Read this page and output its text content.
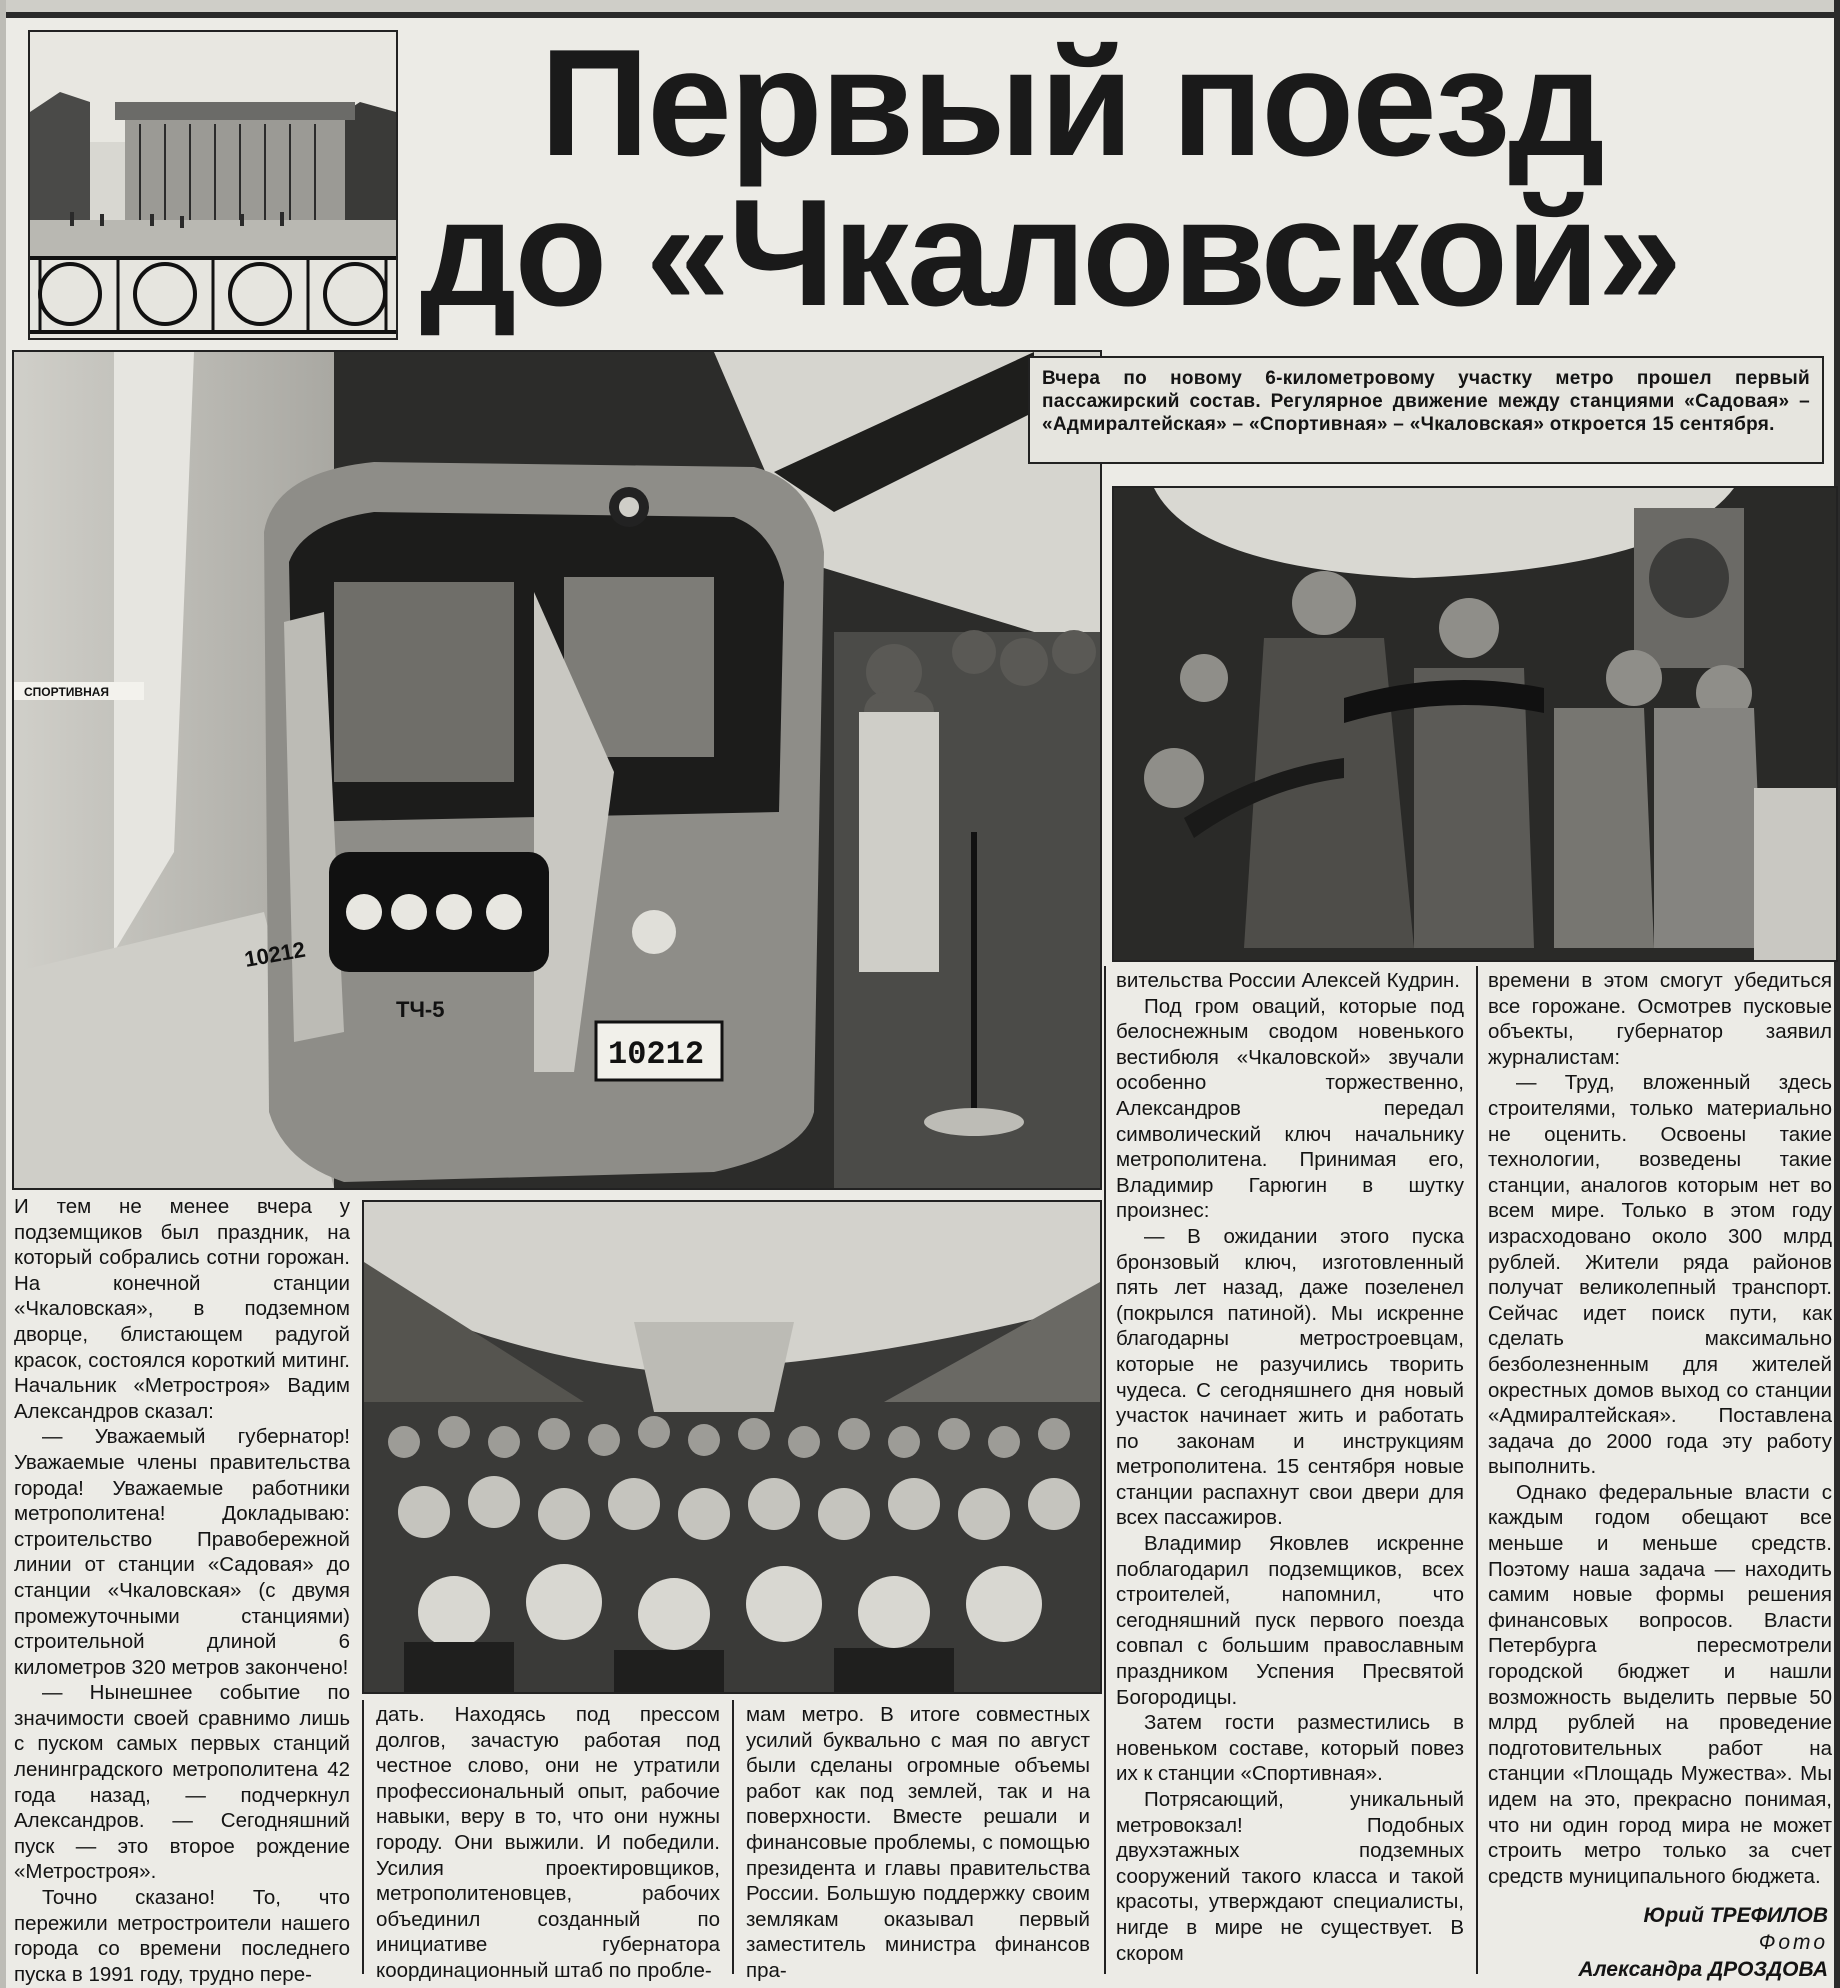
Первый поезд
до «Чкаловской»
СПОРТИВНАЯ
10212
ТЧ-5
10212
Вчера по новому 6-километровому участку метро прошел первый пассажирский состав. Регулярное движение между станциями «Садовая» – «Адмиралтейская» – «Спортивная» – «Чкаловская» откроется 15 сентября.

И тем не менее вчера у подземщиков был праздник, на который собрались сотни горожан. На конечной станции «Чкаловская», в подземном дворце, блистающем радугой красок, состоялся короткий митинг. Начальник «Метростроя» Вадим Александров сказал:

— Уважаемый губернатор! Уважаемые члены правительства города! Уважаемые работники метрополитена! Докладываю: строительство Правобережной линии от станции «Садовая» до станции «Чкаловская» (с двумя промежуточными станциями) строительной длиной 6 километров 320 метров закончено!

— Нынешнее событие по значимости своей сравнимо лишь с пуском самых первых станций ленинградского метрополитена 42 года назад, — подчеркнул Александров. — Сегодняшний пуск — это второе рождение «Метростроя».

Точно сказано! То, что пережили метростроители нашего города со времени последнего пуска в 1991 году, трудно пере-

дать. Находясь под прессом долгов, зачастую работая под честное слово, они не утратили профессиональный опыт, рабочие навыки, веру в то, что они нужны городу. Они выжили. И победили. Усилия проектировщиков, метрополитеновцев, рабочих объединил созданный по инициативе губернатора координационный штаб по пробле-

мам метро. В итоге совместных усилий буквально с мая по август были сделаны огромные объемы работ как под землей, так и на поверхности. Вместе решали и финансовые проблемы, с помощью президента и главы правительства России. Большую поддержку своим землякам оказывал первый заместитель министра финансов пра-

вительства России Алексей Кудрин.

Под гром оваций, которые под белоснежным сводом новенького вестибюля «Чкаловской» звучали особенно торжественно, Александров передал символический ключ начальнику метрополитена. Принимая его, Владимир Гарюгин в шутку произнес:

— В ожидании этого пуска бронзовый ключ, изготовленный пять лет назад, даже позеленел (покрылся патиной). Мы искренне благодарны метростроевцам, которые не разучились творить чудеса. С сегодняшнего дня новый участок начинает жить и работать по законам и инструкциям метрополитена. 15 сентября новые станции распахнут свои двери для всех пассажиров.

Владимир Яковлев искренне поблагодарил подземщиков, всех строителей, напомнил, что сегодняшний пуск первого поезда совпал с большим православным праздником Успения Пресвятой Богородицы.

Затем гости разместились в новеньком составе, который повез их к станции «Спортивная».

Потрясающий, уникальный метровокзал! Подобных двухэтажных подземных сооружений такого класса и такой красоты, утверждают специалисты, нигде в мире не существует. В скором

времени в этом смогут убедиться все горожане. Осмотрев пусковые объекты, губернатор заявил журналистам:

— Труд, вложенный здесь строителями, только материально не оценить. Освоены такие технологии, возведены такие станции, аналогов которым нет во всем мире. Только в этом году израсходовано около 300 млрд рублей. Жители ряда районов получат великолепный транспорт. Сейчас идет поиск пути, как сделать максимально безболезненным для жителей окрестных домов выход со станции «Адмиралтейская». Поставлена задача до 2000 года эту работу выполнить.

Однако федеральные власти с каждым годом обещают все меньше и меньше средств. Поэтому наша задача — находить самим новые формы решения финансовых вопросов. Власти Петербурга пересмотрели городской бюджет и нашли возможность выделить первые 50 млрд рублей на проведение подготовительных работ на станции «Площадь Мужества». Мы идем на это, прекрасно понимая, что ни один город мира не может строить метро только за счет средств муниципального бюджета.

Юрий ТРЕФИЛОВ
Фото
Александра ДРОЗДОВА
